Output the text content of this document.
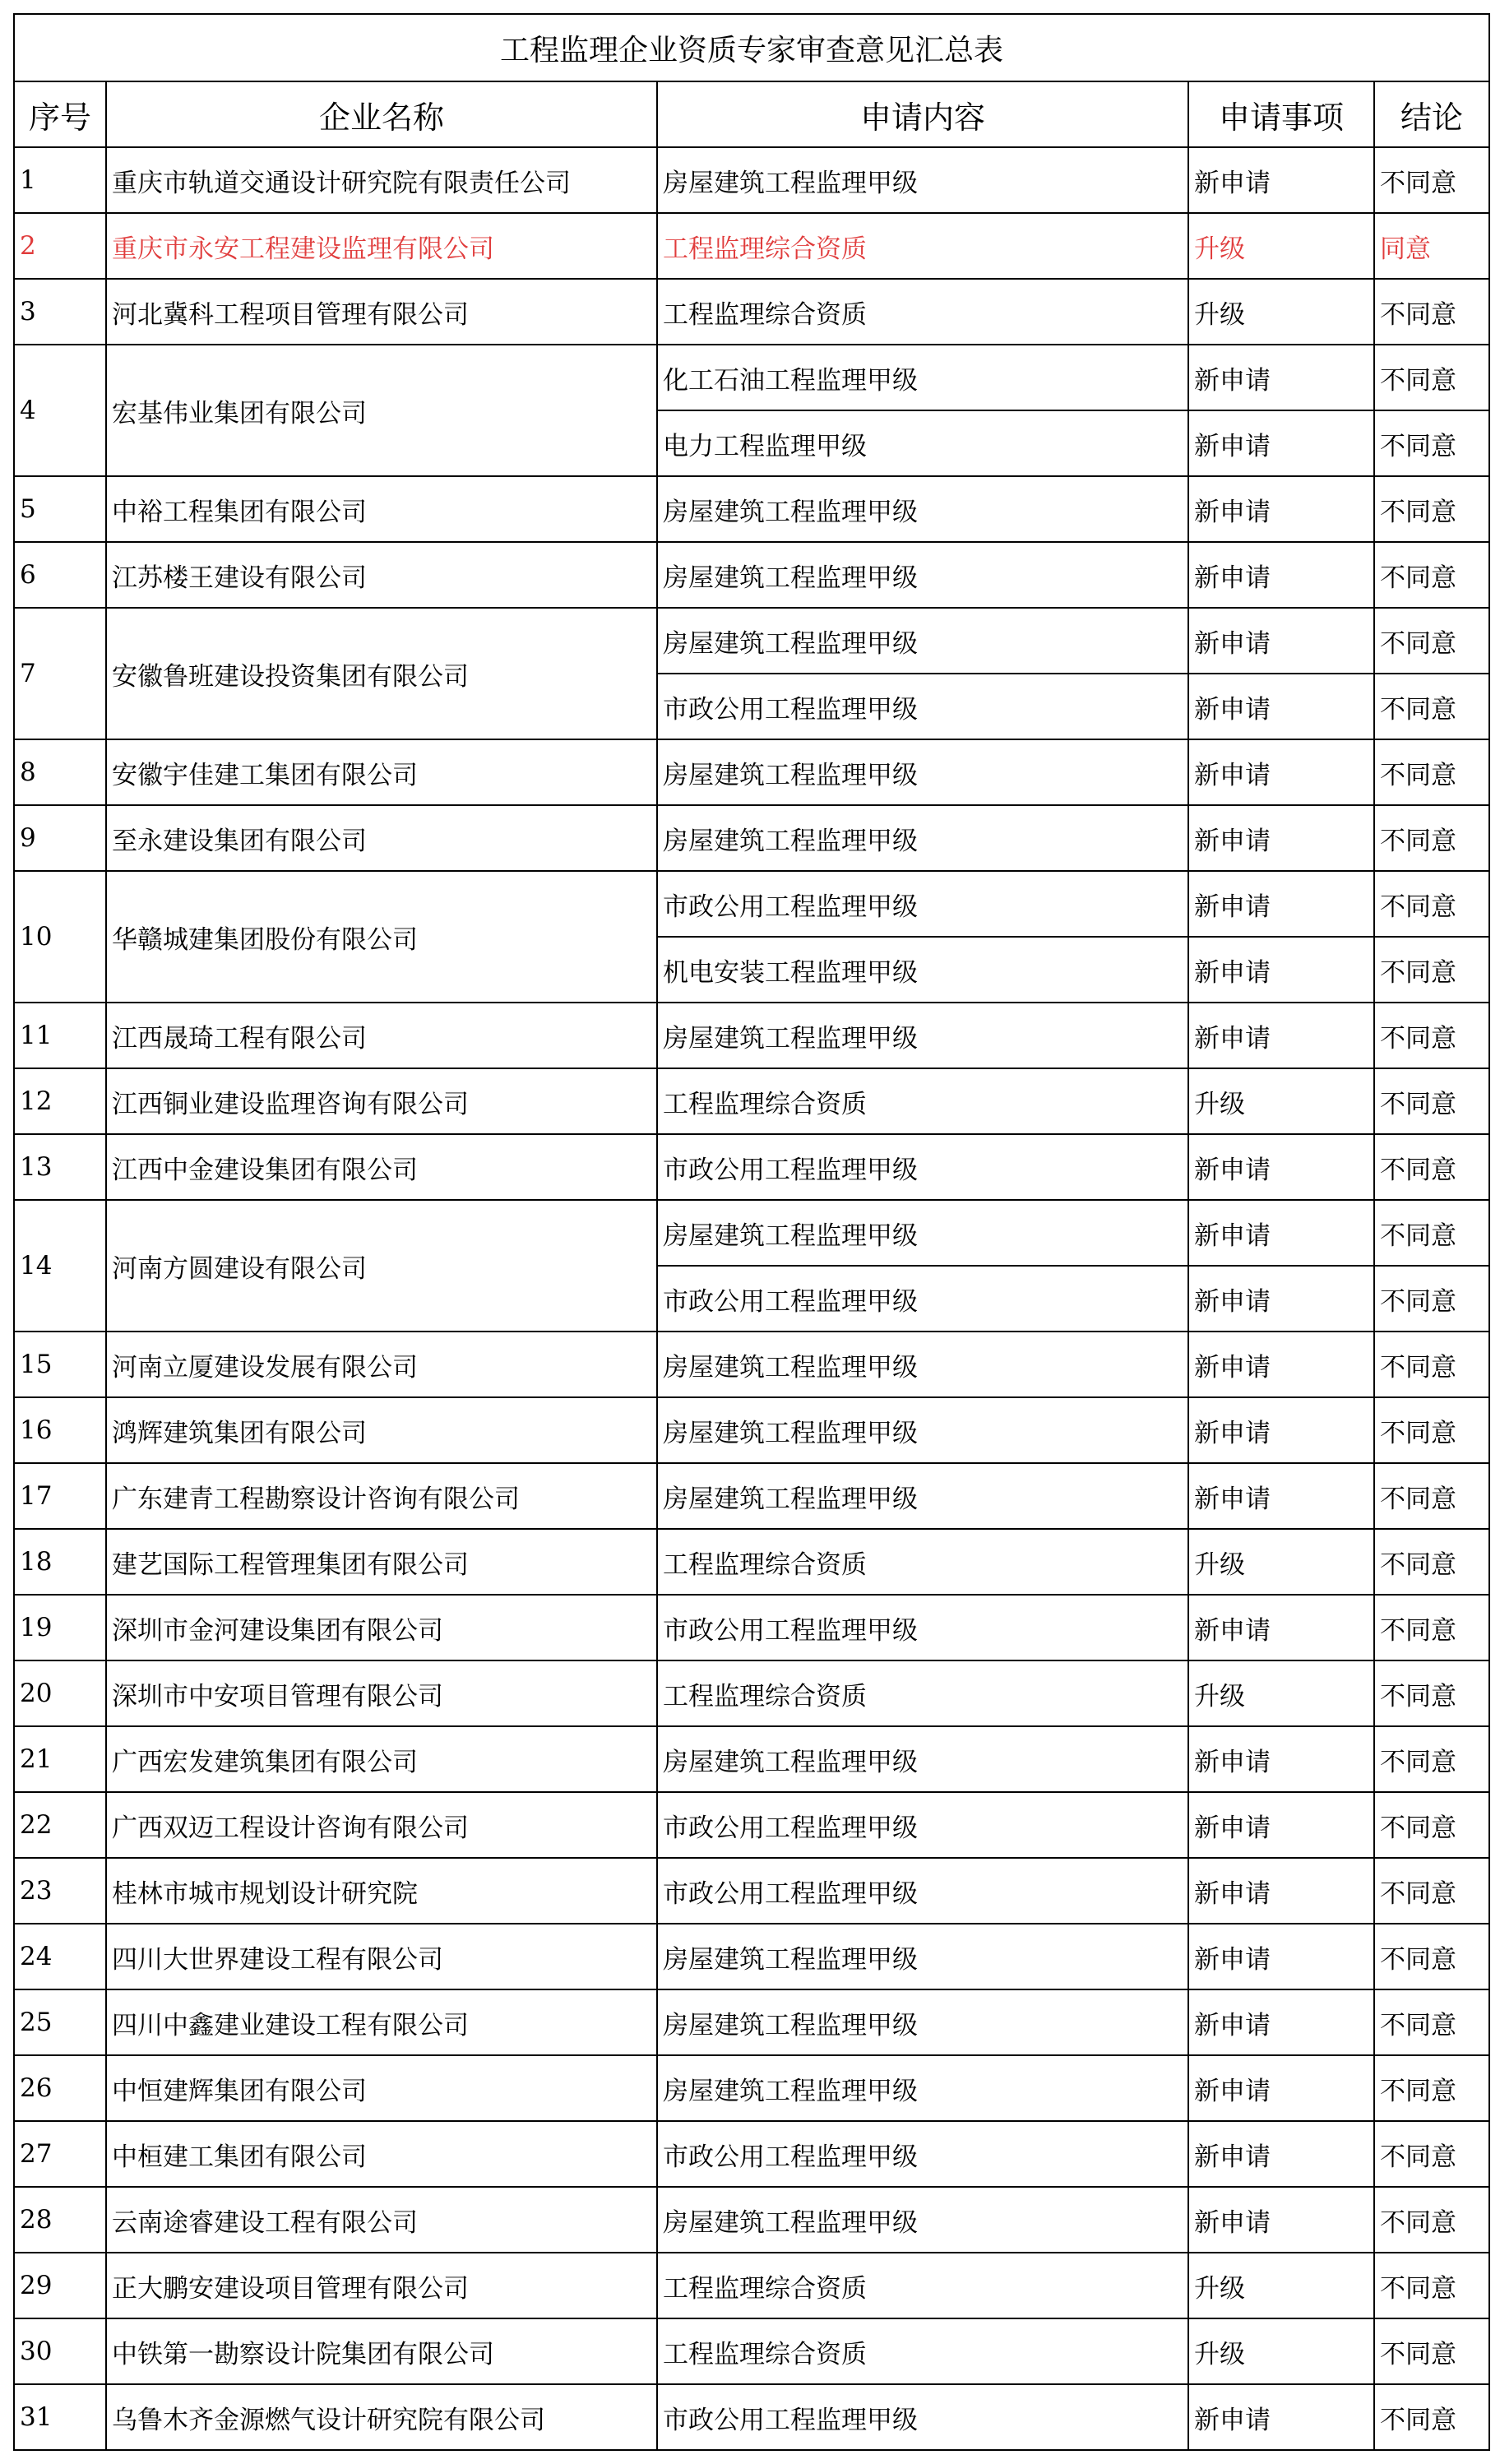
工程监理企业资质专家审查意见汇总表				
序号	企业名称	申请内容	申请事项	结论
1	重庆市轨道交通设计研究院有限责任公司	房屋建筑工程监理甲级	新申请	不同意
2	重庆市永安工程建设监理有限公司	工程监理综合资质	升级	同意
3	河北冀科工程项目管理有限公司	工程监理综合资质	升级	不同意
4	宏基伟业集团有限公司	化工石油工程监理甲级	新申请	不同意
		电力工程监理甲级	新申请	不同意
5	中裕工程集团有限公司	房屋建筑工程监理甲级	新申请	不同意
6	江苏楼王建设有限公司	房屋建筑工程监理甲级	新申请	不同意
7	安徽鲁班建设投资集团有限公司	房屋建筑工程监理甲级	新申请	不同意
		市政公用工程监理甲级	新申请	不同意
8	安徽宇佳建工集团有限公司	房屋建筑工程监理甲级	新申请	不同意
9	至永建设集团有限公司	房屋建筑工程监理甲级	新申请	不同意
10	华赣城建集团股份有限公司	市政公用工程监理甲级	新申请	不同意
		机电安装工程监理甲级	新申请	不同意
11	江西晟琦工程有限公司	房屋建筑工程监理甲级	新申请	不同意
12	江西铜业建设监理咨询有限公司	工程监理综合资质	升级	不同意
13	江西中金建设集团有限公司	市政公用工程监理甲级	新申请	不同意
14	河南方圆建设有限公司	房屋建筑工程监理甲级	新申请	不同意
		市政公用工程监理甲级	新申请	不同意
15	河南立厦建设发展有限公司	房屋建筑工程监理甲级	新申请	不同意
16	鸿辉建筑集团有限公司	房屋建筑工程监理甲级	新申请	不同意
17	广东建青工程勘察设计咨询有限公司	房屋建筑工程监理甲级	新申请	不同意
18	建艺国际工程管理集团有限公司	工程监理综合资质	升级	不同意
19	深圳市金河建设集团有限公司	市政公用工程监理甲级	新申请	不同意
20	深圳市中安项目管理有限公司	工程监理综合资质	升级	不同意
21	广西宏发建筑集团有限公司	房屋建筑工程监理甲级	新申请	不同意
22	广西双迈工程设计咨询有限公司	市政公用工程监理甲级	新申请	不同意
23	桂林市城市规划设计研究院	市政公用工程监理甲级	新申请	不同意
24	四川大世界建设工程有限公司	房屋建筑工程监理甲级	新申请	不同意
25	四川中鑫建业建设工程有限公司	房屋建筑工程监理甲级	新申请	不同意
26	中恒建辉集团有限公司	房屋建筑工程监理甲级	新申请	不同意
27	中桓建工集团有限公司	市政公用工程监理甲级	新申请	不同意
28	云南途睿建设工程有限公司	房屋建筑工程监理甲级	新申请	不同意
29	正大鹏安建设项目管理有限公司	工程监理综合资质	升级	不同意
30	中铁第一勘察设计院集团有限公司	工程监理综合资质	升级	不同意
31	乌鲁木齐金源燃气设计研究院有限公司	市政公用工程监理甲级	新申请	不同意
